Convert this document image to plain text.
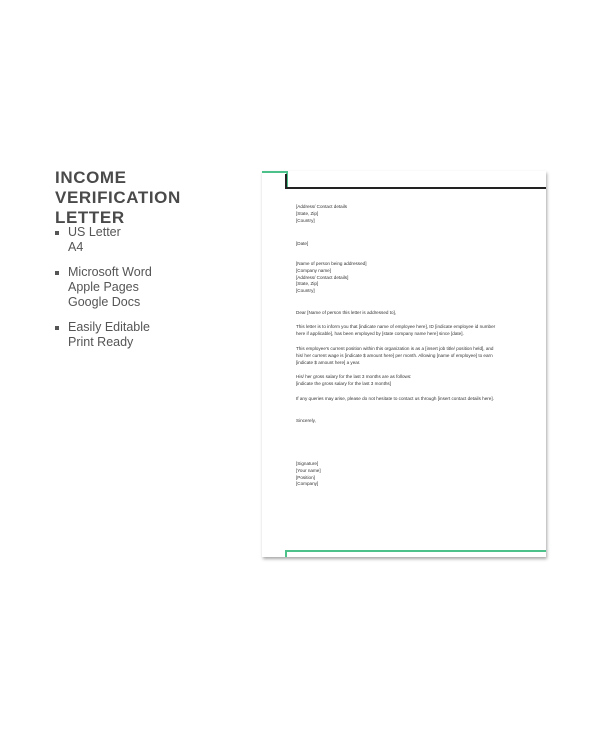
INCOME VERIFICATION LETTER
US Letter
A4
Microsoft Word
Apple Pages
Google Docs
Easily Editable
Print Ready
[Address/ Contact details
[State, Zip]
[Country]
[Date]
[Name of person being addressed]
[Company name]
[Address/ Contact details]
[State, Zip]
[Country]
Dear [Name of person this letter is addressed to],
This letter is to inform you that [indicate name of employee here], ID [indicate employee id number
here if applicable], has been employed by [state company name here] since [date].
This employee's current position within this organization is as a [insert job title/ position held], and
his/ her current wage is [indicate $ amount here] per month. Allowing [name of employee] to earn
[indicate $ amount here] a year.
His/ her gross salary for the last 3 months are as follows:
[indicate the gross salary for the last 3 months]
If any queries may arise, please do not hesitate to contact us through [insert contact details here].
Sincerely,
[Signature]
[Your name]
[Position]
[Company]
